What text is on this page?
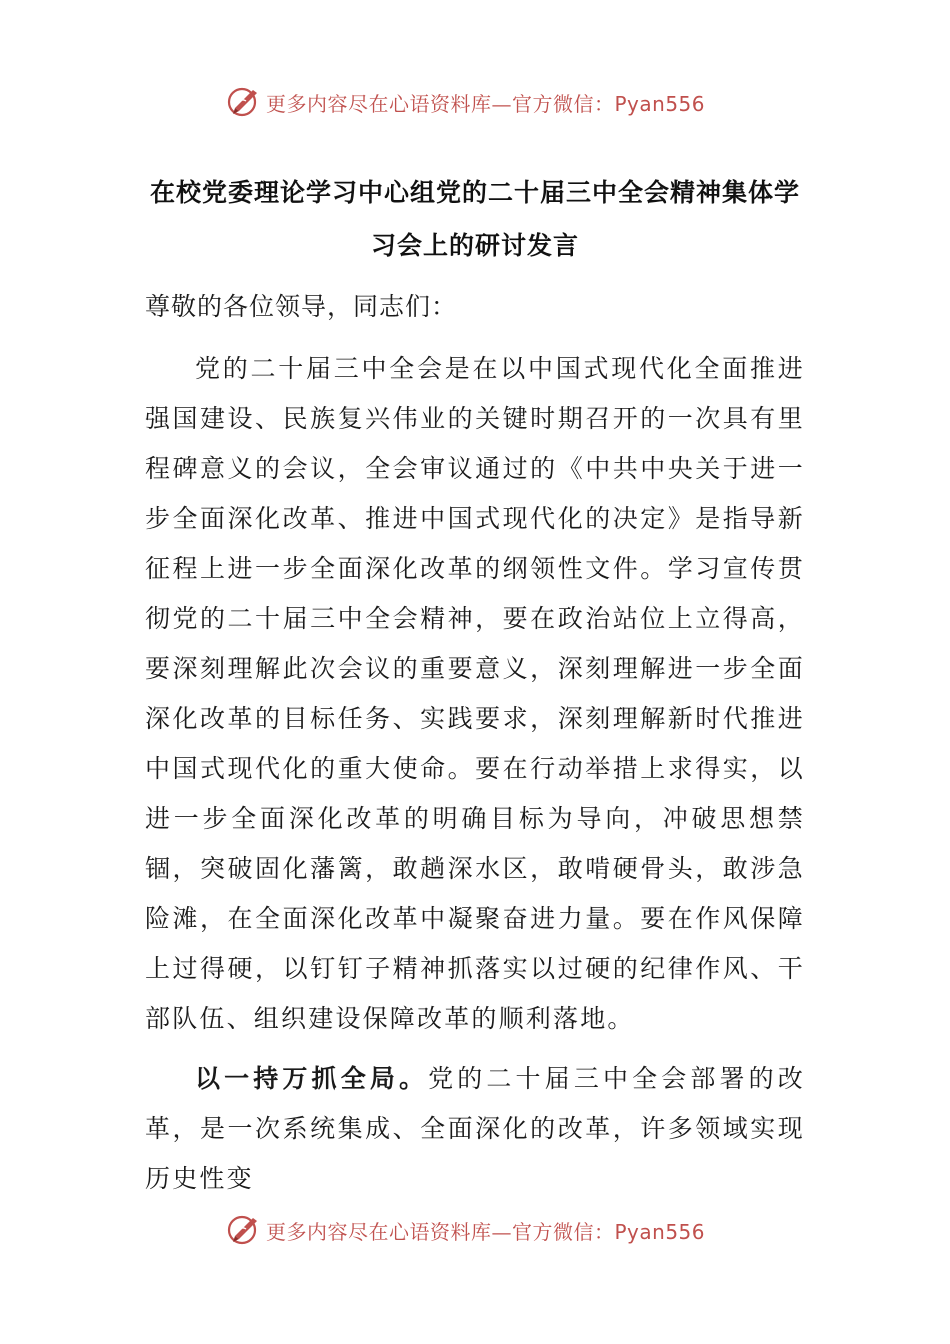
更多内容尽在心语资料库—官方微信：Pyan556
在校党委理论学习中心组党的二十届三中全会精神集体学习会上的研讨发言

尊敬的各位领导，同志们：

党的二十届三中全会是在以中国式现代化全面推进强国建设、民族复兴伟业的关键时期召开的一次具有里程碑意义的会议，全会审议通过的《中共中央关于进一步全面深化改革、推进中国式现代化的决定》是指导新征程上进一步全面深化改革的纲领性文件。学习宣传贯彻党的二十届三中全会精神，要在政治站位上立得高，要深刻理解此次会议的重要意义，深刻理解进一步全面深化改革的目标任务、实践要求，深刻理解新时代推进中国式现代化的重大使命。要在行动举措上求得实，以进一步全面深化改革的明确目标为导向，冲破思想禁锢，突破固化藩篱，敢趟深水区，敢啃硬骨头，敢涉急险滩，在全面深化改革中凝聚奋进力量。要在作风保障上过得硬，以钉钉子精神抓落实以过硬的纪律作风、干部队伍、组织建设保障改革的顺利落地。

以一持万抓全局。党的二十届三中全会部署的改革，是一次系统集成、全面深化的改革，许多领域实现历史性变

更多内容尽在心语资料库—官方微信：Pyan556
